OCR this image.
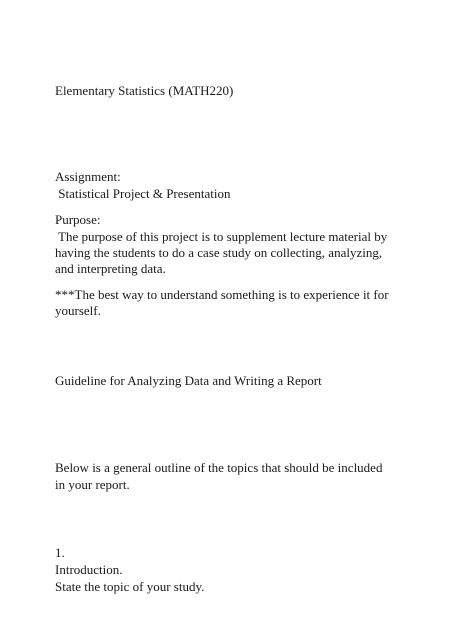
Elementary Statistics (MATH220)

Assignment:

Statistical Project & Presentation

Purpose:

The purpose of this project is to supplement lecture material by

having the students to do a case study on collecting, analyzing,

and interpreting data.

***The best way to understand something is to experience it for

yourself.

Guideline for Analyzing Data and Writing a Report

Below is a general outline of the topics that should be included

in your report.

1.

Introduction.

State the topic of your study.
